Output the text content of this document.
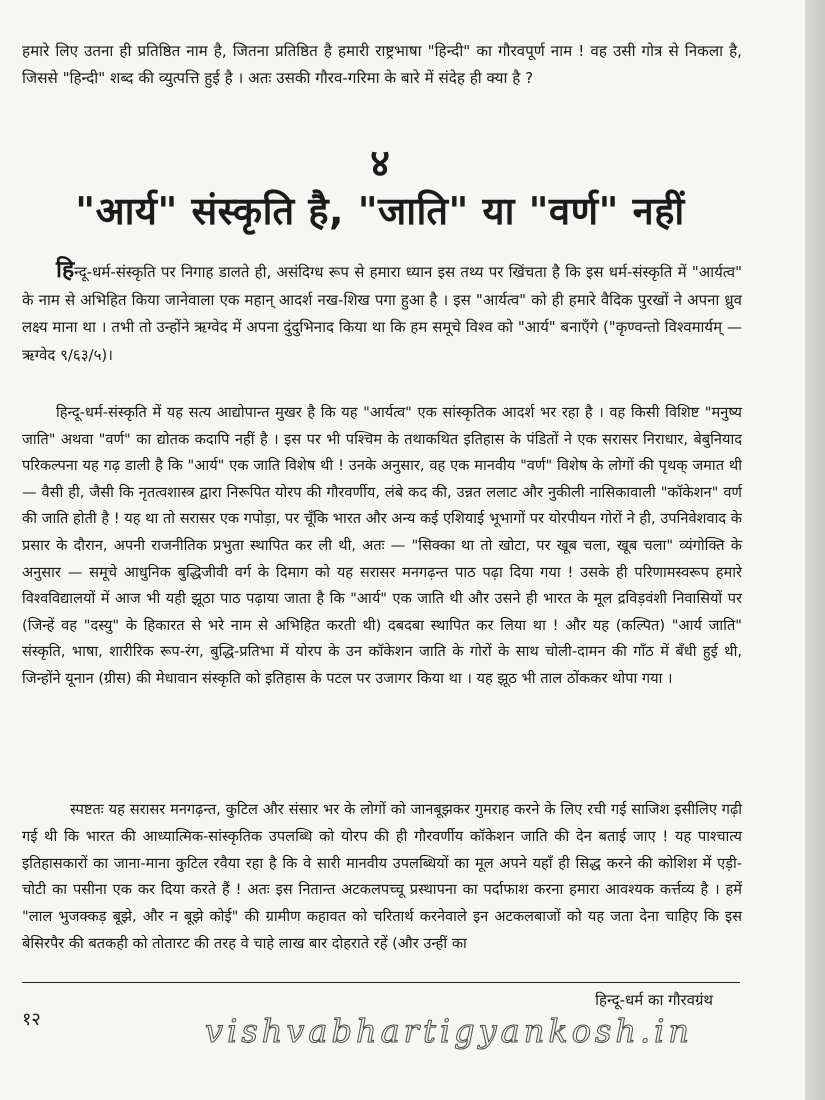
हमारे लिए उतना ही प्रतिष्ठित नाम है, जितना प्रतिष्ठित है हमारी राष्ट्रभाषा "हिन्दी" का गौरवपूर्ण नाम ! वह उसी गोत्र से निकला है, जिससे "हिन्दी" शब्द की व्युत्पत्ति हुई है । अतः उसकी गौरव-गरिमा के बारे में संदेह ही क्या है ?

४
"आर्य" संस्कृति है, "जाति" या "वर्ण" नहीं

हिन्दू-धर्म-संस्कृति पर निगाह डालते ही, असंदिग्ध रूप से हमारा ध्यान इस तथ्य पर खिंचता है कि इस धर्म-संस्कृति में "आर्यत्व" के नाम से अभिहित किया जानेवाला एक महान् आदर्श नख-शिख पगा हुआ है । इस "आर्यत्व" को ही हमारे वैदिक पुरखों ने अपना ध्रुव लक्ष्य माना था । तभी तो उन्होंने ऋग्वेद में अपना दुंदुभिनाद किया था कि हम समूचे विश्व को "आर्य" बनाएँगे ("कृण्वन्तो विश्वमार्यम् — ऋग्वेद ९/६३/५)।

हिन्दू-धर्म-संस्कृति में यह सत्य आद्योपान्त मुखर है कि यह "आर्यत्व" एक सांस्कृतिक आदर्श भर रहा है । वह किसी विशिष्ट "मनुष्य जाति" अथवा "वर्ण" का द्योतक कदापि नहीं है । इस पर भी पश्चिम के तथाकथित इतिहास के पंडितों ने एक सरासर निराधार, बेबुनियाद परिकल्पना यह गढ़ डाली है कि "आर्य" एक जाति विशेष थी ! उनके अनुसार, वह एक मानवीय "वर्ण" विशेष के लोगों की पृथक् जमात थी — वैसी ही, जैसी कि नृतत्वशास्त्र द्वारा निरूपित योरप की गौरवर्णीय, लंबे कद की, उन्नत ललाट और नुकीली नासिकावाली "कॉकेशन" वर्ण की जाति होती है ! यह था तो सरासर एक गपोड़ा, पर चूँकि भारत और अन्य कई एशियाई भूभागों पर योरपीयन गोरों ने ही, उपनिवेशवाद के प्रसार के दौरान, अपनी राजनीतिक प्रभुता स्थापित कर ली थी, अतः — "सिक्का था तो खोटा, पर खूब चला, खूब चला" व्यंगोक्ति के अनुसार — समूचे आधुनिक बुद्धिजीवी वर्ग के दिमाग को यह सरासर मनगढ़न्त पाठ पढ़ा दिया गया ! उसके ही परिणामस्वरूप हमारे विश्वविद्यालयों में आज भी यही झूठा पाठ पढ़ाया जाता है कि "आर्य" एक जाति थी और उसने ही भारत के मूल द्रविड़वंशी निवासियों पर (जिन्हें वह "दस्यु" के हिकारत से भरे नाम से अभिहित करती थी) दबदबा स्थापित कर लिया था ! और यह (कल्पित) "आर्य जाति" संस्कृति, भाषा, शारीरिक रूप-रंग, बुद्धि-प्रतिभा में योरप के उन कॉकेशन जाति के गोरों के साथ चोली-दामन की गाँठ में बँधी हुई थी, जिन्होंने यूनान (ग्रीस) की मेधावान संस्कृति को इतिहास के पटल पर उजागर किया था । यह झूठ भी ताल ठोंककर थोपा गया ।

स्पष्टतः यह सरासर मनगढ़न्त, कुटिल और संसार भर के लोगों को जानबूझकर गुमराह करने के लिए रची गई साजिश इसीलिए गढ़ी गई थी कि भारत की आध्यात्मिक-सांस्कृतिक उपलब्धि को योरप की ही गौरवर्णीय कॉकेशन जाति की देन बताई जाए ! यह पाश्चात्य इतिहासकारों का जाना-माना कुटिल रवैया रहा है कि वे सारी मानवीय उपलब्धियों का मूल अपने यहाँ ही सिद्ध करने की कोशिश में एड़ी-चोटी का पसीना एक कर दिया करते हैं ! अतः इस नितान्त अटकलपच्चू प्रस्थापना का पर्दाफाश करना हमारा आवश्यक कर्त्तव्य है । हमें "लाल भुजक्कड़ बूझे, और न बूझे कोई" की ग्रामीण कहावत को चरितार्थ करनेवाले इन अटकलबाजों को यह जता देना चाहिए कि इस बेसिरपैर की बतकही को तोतारट की तरह वे चाहे लाख बार दोहराते रहें (और उन्हीं का

हिन्दू-धर्म का गौरवग्रंथ

१२	vishvabhartigyankosh.in
